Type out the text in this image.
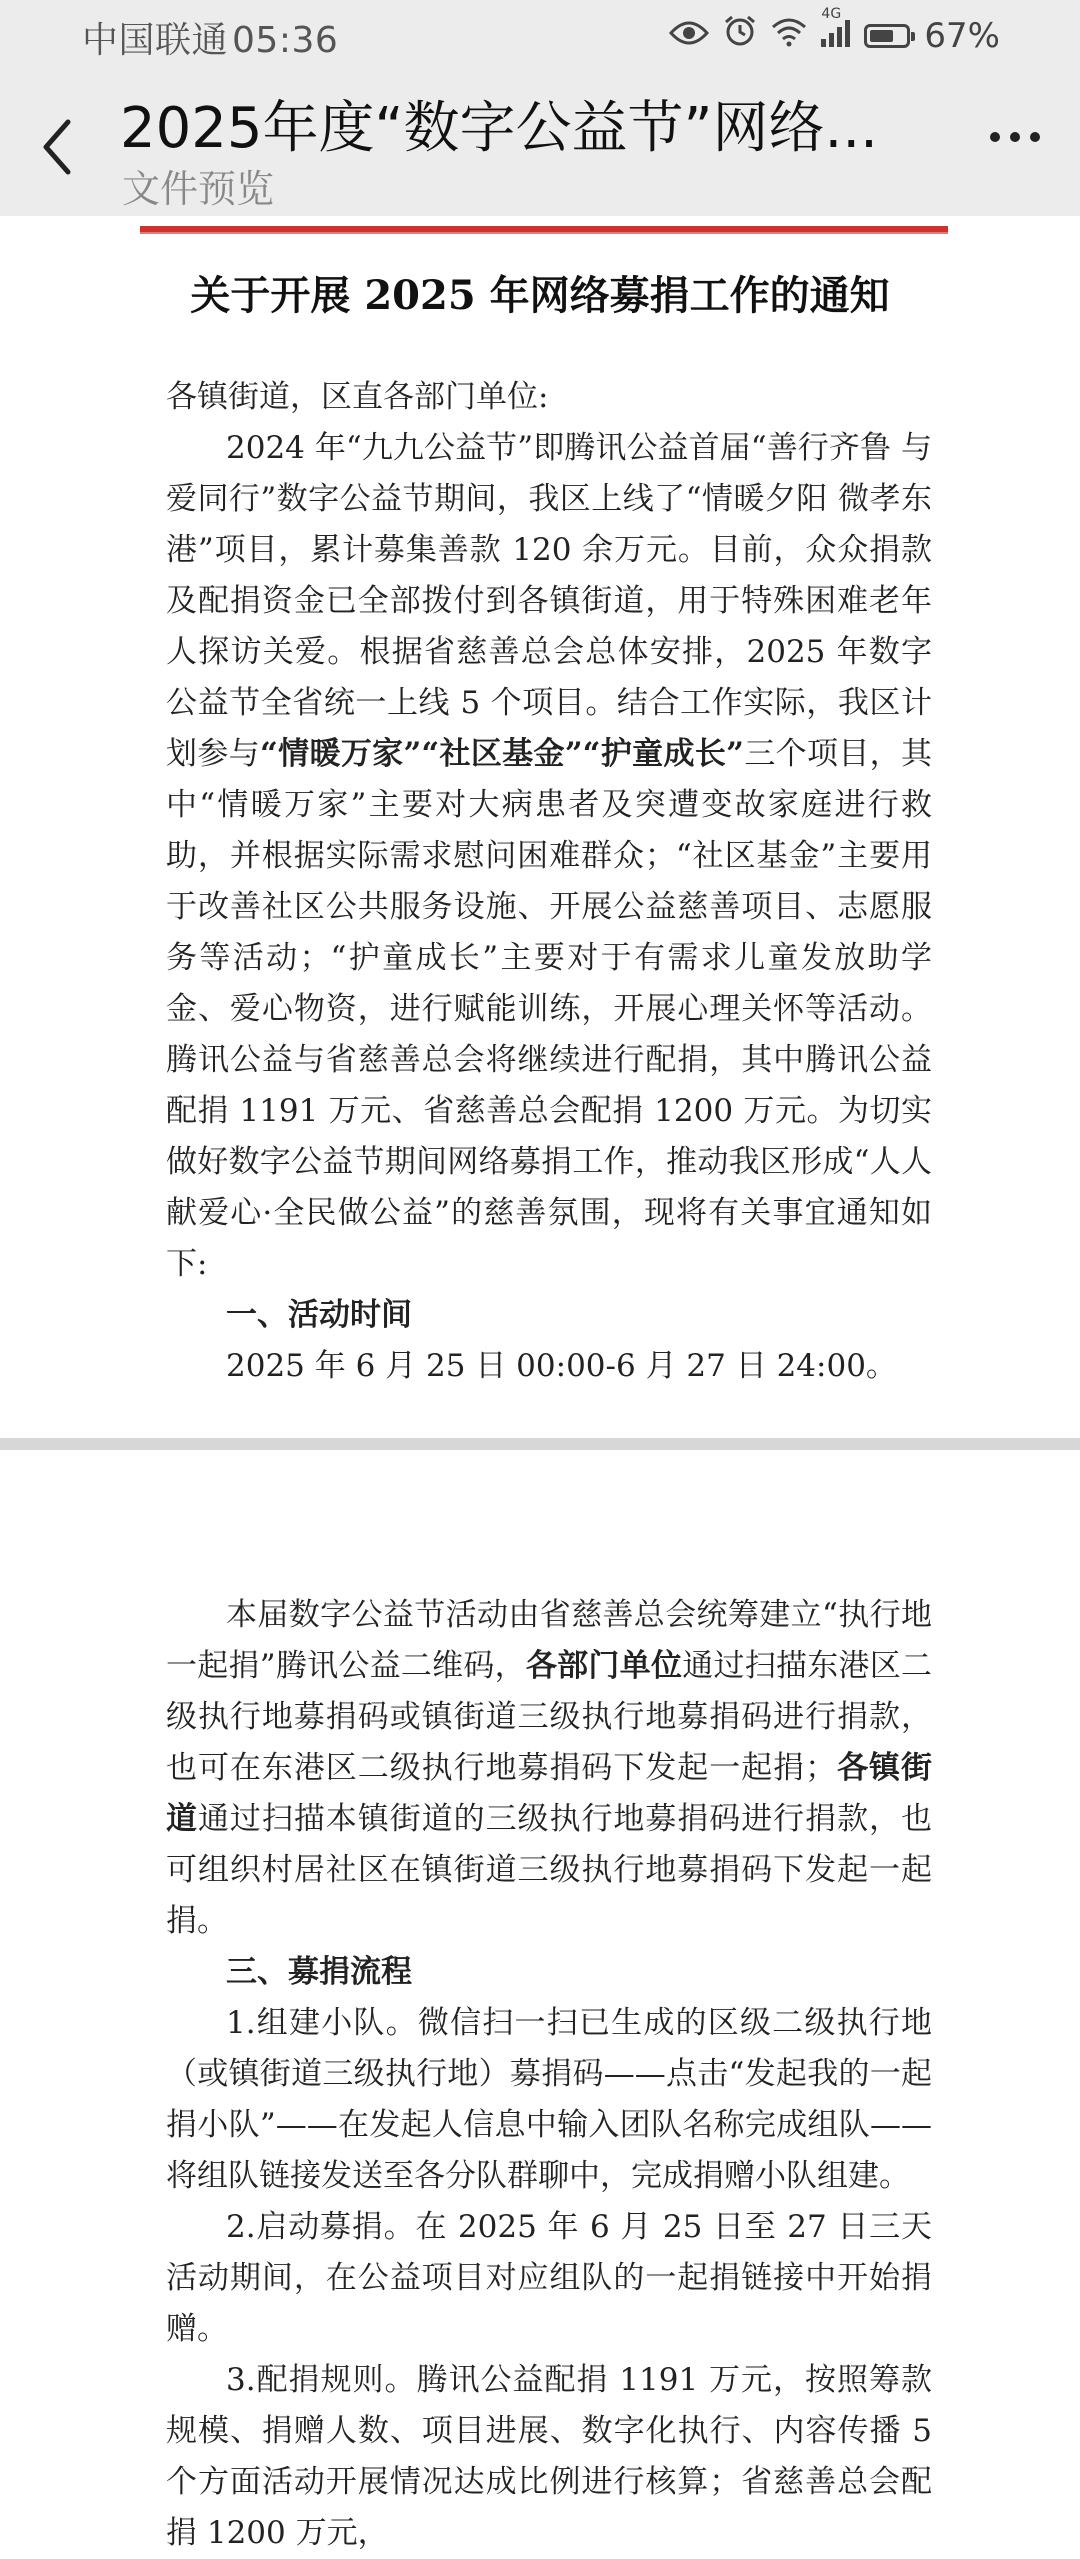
中国联通 05:36
4G
67%
2025年度“数字公益节”网络...
文件预览
关于开展 2025 年网络募捐工作的通知

各镇街道，区直各部门单位:

2024 年“九九公益节”即腾讯公益首届“善行齐鲁 与爱同行”数字公益节期间，我区上线了“情暖夕阳 微孝东港”项目，累计募集善款 120 余万元。目前，众众捐款及配捐资金已全部拨付到各镇街道，用于特殊困难老年人探访关爱。根据省慈善总会总体安排，2025 年数字公益节全省统一上线 5 个项目。结合工作实际，我区计划参与“情暖万家”“社区基金”“护童成长”三个项目，其中“情暖万家”主要对大病患者及突遭变故家庭进行救助，并根据实际需求慰问困难群众；“社区基金”主要用于改善社区公共服务设施、开展公益慈善项目、志愿服务等活动；“护童成长”主要对于有需求儿童发放助学金、爱心物资，进行赋能训练，开展心理关怀等活动。腾讯公益与省慈善总会将继续进行配捐，其中腾讯公益配捐 1191 万元、省慈善总会配捐 1200 万元。为切实做好数字公益节期间网络募捐工作，推动我区形成“人人献爱心·全民做公益”的慈善氛围，现将有关事宜通知如下:

一、活动时间

2025 年 6 月 25 日 00:00-6 月 27 日 24:00。

本届数字公益节活动由省慈善总会统筹建立“执行地一起捐”腾讯公益二维码，各部门单位通过扫描东港区二级执行地募捐码或镇街道三级执行地募捐码进行捐款，也可在东港区二级执行地募捐码下发起一起捐；各镇街道通过扫描本镇街道的三级执行地募捐码进行捐款，也可组织村居社区在镇街道三级执行地募捐码下发起一起捐。

三、募捐流程

1.组建小队。微信扫一扫已生成的区级二级执行地（或镇街道三级执行地）募捐码——点击“发起我的一起捐小队”——在发起人信息中输入团队名称完成组队——将组队链接发送至各分队群聊中，完成捐赠小队组建。

2.启动募捐。在 2025 年 6 月 25 日至 27 日三天活动期间，在公益项目对应组队的一起捐链接中开始捐赠。

3.配捐规则。腾讯公益配捐 1191 万元，按照筹款规模、捐赠人数、项目进展、数字化执行、内容传播 5 个方面活动开展情况达成比例进行核算；省慈善总会配捐 1200 万元，
